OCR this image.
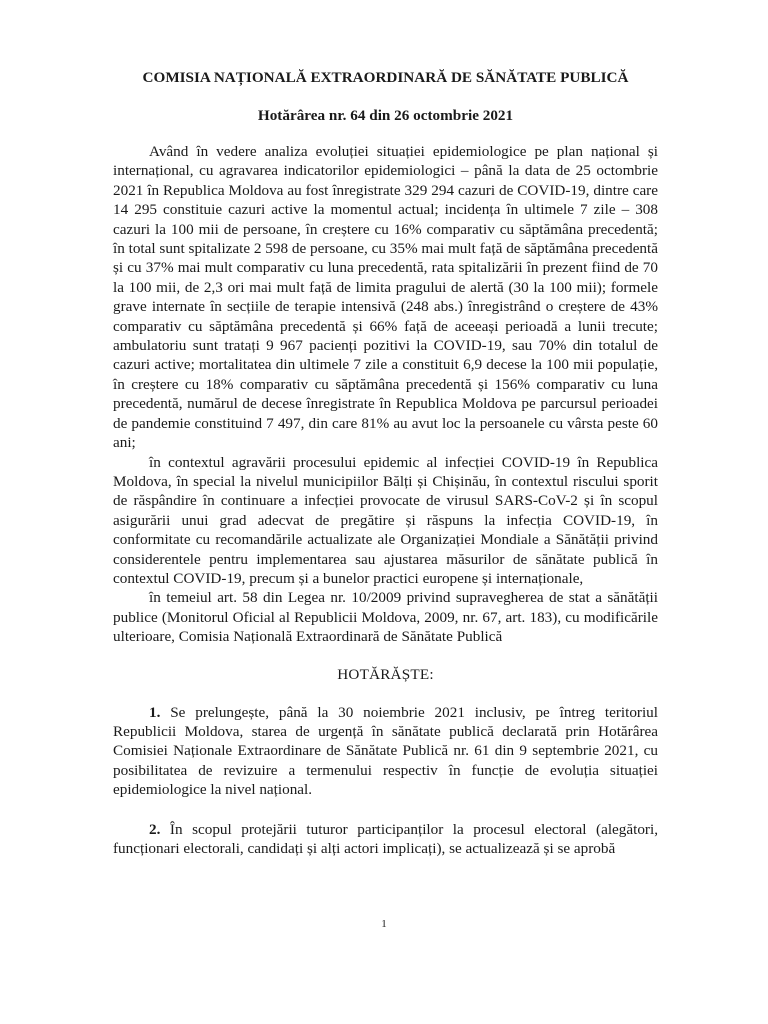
COMISIA NAȚIONALĂ EXTRAORDINARĂ DE SĂNĂTATE PUBLICĂ

Hotărârea nr. 64 din 26 octombrie 2021

Având în vedere analiza evoluției situației epidemiologice pe plan național și internațional, cu agravarea indicatorilor epidemiologici – până la data de 25 octombrie 2021 în Republica Moldova au fost înregistrate 329 294 cazuri de COVID-19, dintre care 14 295 constituie cazuri active la momentul actual; incidența în ultimele 7 zile – 308 cazuri la 100 mii de persoane, în creștere cu 16% comparativ cu săptămâna precedentă; în total sunt spitalizate 2 598 de persoane, cu 35% mai mult față de săptămâna precedentă și cu 37% mai mult comparativ cu luna precedentă, rata spitalizării în prezent fiind de 70 la 100 mii, de 2,3 ori mai mult față de limita pragului de alertă (30 la 100 mii); formele grave internate în secțiile de terapie intensivă (248 abs.) înregistrând o creștere de 43% comparativ cu săptămâna precedentă și 66% față de aceeași perioadă a lunii trecute; ambulatoriu sunt tratați 9 967 pacienți pozitivi la COVID-19, sau 70% din totalul de cazuri active; mortalitatea din ultimele 7 zile a constituit 6,9 decese la 100 mii populație, în creștere cu 18% comparativ cu săptămâna precedentă și 156% comparativ cu luna precedentă, numărul de decese înregistrate în Republica Moldova pe parcursul perioadei de pandemie constituind 7 497, din care 81% au avut loc la persoanele cu vârsta peste 60 ani;

în contextul agravării procesului epidemic al infecției COVID-19 în Republica Moldova, în special la nivelul municipiilor Bălți și Chișinău, în contextul riscului sporit de răspândire în continuare a infecției provocate de virusul SARS-CoV-2 și în scopul asigurării unui grad adecvat de pregătire și răspuns la infecția COVID-19, în conformitate cu recomandările actualizate ale Organizației Mondiale a Sănătății privind considerentele pentru implementarea sau ajustarea măsurilor de sănătate publică în contextul COVID-19, precum și a bunelor practici europene și internaționale,

în temeiul art. 58 din Legea nr. 10/2009 privind supravegherea de stat a sănătății publice (Monitorul Oficial al Republicii Moldova, 2009, nr. 67, art. 183), cu modificările ulterioare, Comisia Națională Extraordinară de Sănătate Publică

HOTĂRĂȘTE:

1. Se prelungește, până la 30 noiembrie 2021 inclusiv, pe întreg teritoriul Republicii Moldova, starea de urgență în sănătate publică declarată prin Hotărârea Comisiei Naționale Extraordinare de Sănătate Publică nr. 61 din 9 septembrie 2021, cu posibilitatea de revizuire a termenului respectiv în funcție de evoluția situației epidemiologice la nivel național.

2. În scopul protejării tuturor participanților la procesul electoral (alegători, funcționari electorali, candidați și alți actori implicați), se actualizează și se aprobă

1
